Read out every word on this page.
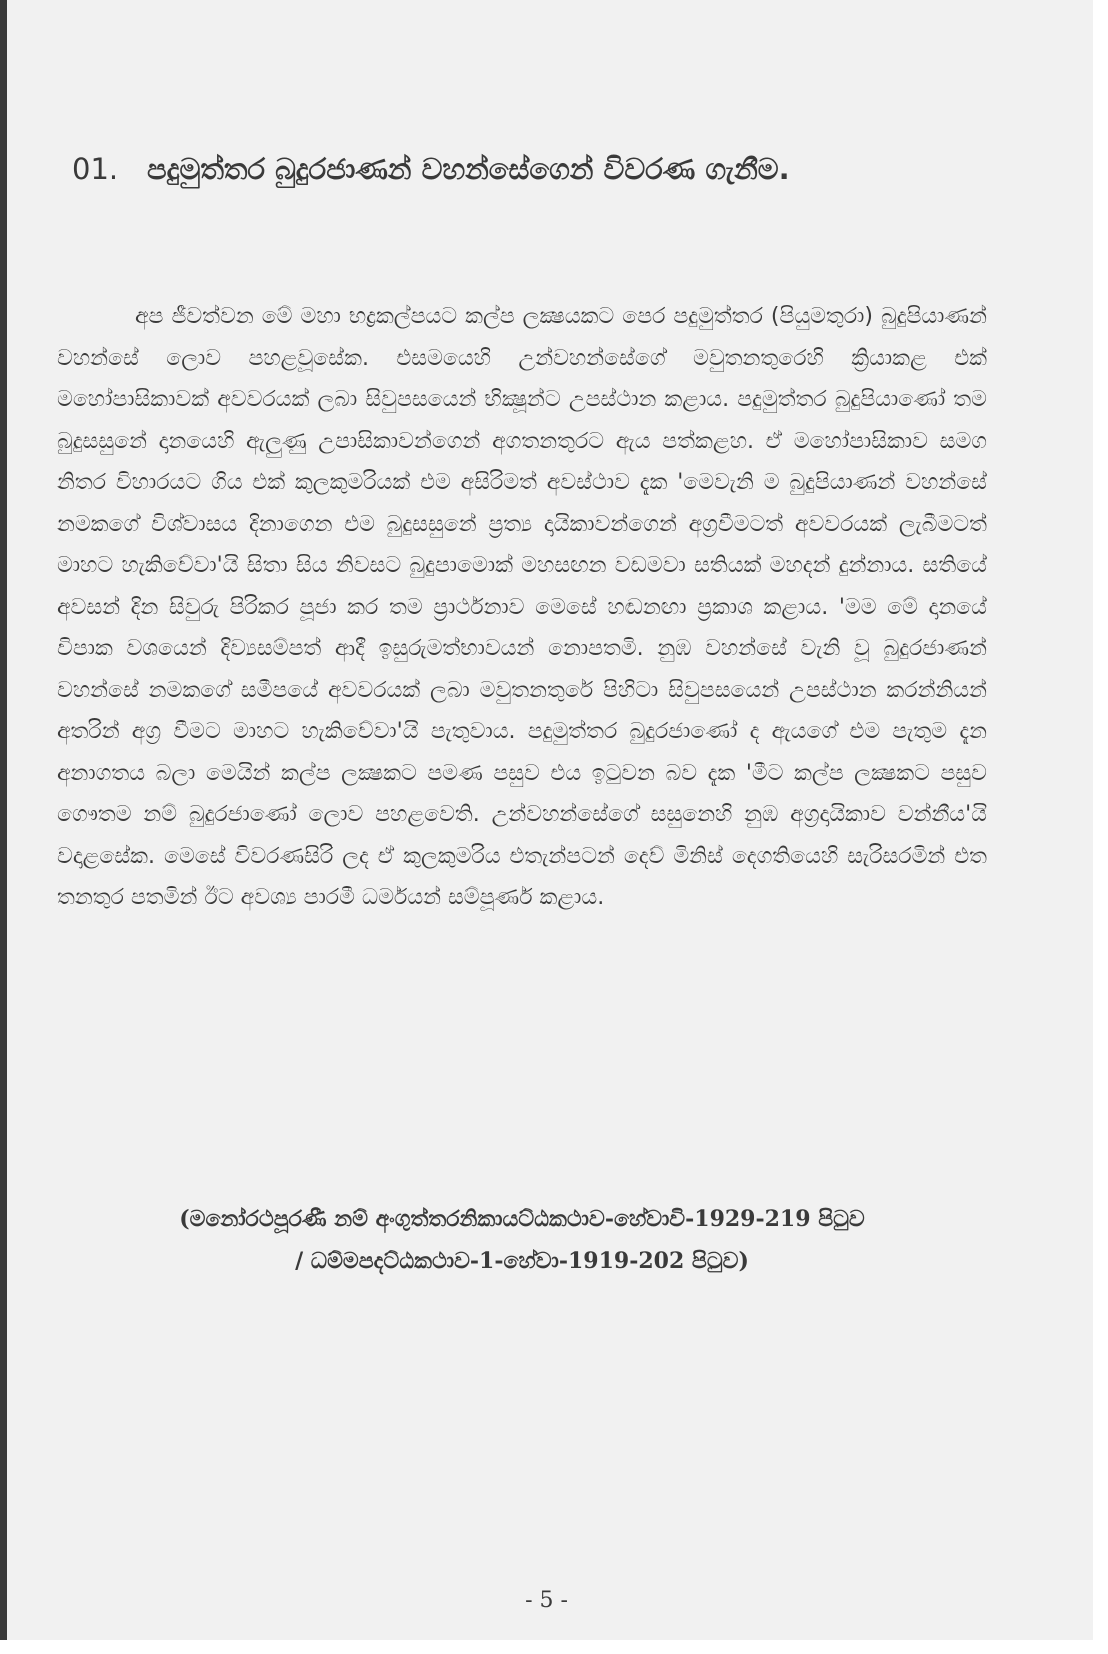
01. පදුමුත්තර බුදුරජාණන් වහන්සේගෙන් විවරණ ගැනීම.

අප ජීවත්වන මේ මහා භද්‍රකල්පයට කල්ප ලක්‍ෂයකට පෙර පදුමුත්තර (පියුමතුරා) බුදුපියාණන් වහන්සේ ලොව පහළවූසේක. එසමයෙහි උන්වහන්සේගේ මවුතනතුරෙහි ක්‍රියාකළ එක් මහෝපාසිකාවක් අවවරයක් ලබා සිවුපසයෙන් භික්‍ෂූන්ට උපස්ථාන කළාය. පදුමුත්තර බුදුපියාණෝ තම බුදුසසුනේ දානයෙහි ඇලුණු උපාසිකාවන්ගෙන් අගතනතුරට ඇය පත්කළහ. ඒ මහෝපාසිකාව සමග නිතර විහාරයට ගිය එක් කුලකුමරියක් එම අසිරිමත් අවස්ථාව දැක 'මෙවැනි ම බුදුපියාණන් වහන්සේ නමකගේ විශ්වාසය දිනාගෙන එම බුදුසසුනේ ප්‍රත්‍ය දායිකාවන්ගෙන් අග්‍රවීමටත් අවවරයක් ලැබීමටත් මාහට හැකිවේවා'යි සිතා සිය නිවසට බුදුපාමොක් මහසඟන වඩමවා සතියක් මහදන් දුන්නාය. සතියේ අවසන් දින සිවුරු පිරිකර පූජා කර තම ප්‍රාර්ථනාව මෙසේ හඬනඟා ප්‍රකාශ කළාය. 'මම මේ දානයේ විපාක වශයෙන් දිව්‍යසම්පත් ආදී ඉසුරුමත්භාවයන් නොපතමි. නුඹ වහන්සේ වැනි වූ බුදුරජාණන් වහන්සේ නමකගේ සමීපයේ අවවරයක් ලබා මවුතනතුරේ පිහිටා සිවුපසයෙන් උපස්ථාන කරන්නියන් අතරින් අග්‍ර වීමට මාහට හැකිවේවා'යි පැතුවාය. පදුමුත්තර බුදුරජාණෝ ද ඇයගේ එම පැතුම දැන අනාගතය බලා මෙයින් කල්ප ලක්‍ෂකට පමණ පසුව එය ඉටුවන බව දැක 'මීට කල්ප ලක්‍ෂකට පසුව ගෞතම නම් බුදුරජාණෝ ලොව පහළවෙති. උන්වහන්සේගේ සසුනෙහි නුඹ අග්‍රදායිකාව වන්නීය'යි වදාළසේක. මෙසේ විවරණසිරි ලද ඒ කුලකුමරිය එතැන්පටන් දෙව් මිනිස් දෙගතියෙහි සැරිසරමින් එත තනතුර පතමින් ඊට අවශ්‍ය පාරමී ධර්මයන් සම්පූර්ණ කළාය.

(මනෝරථපූරණී නම් අංගුත්තරනිකායට්ඨකථාව-හේවාවි-1929-219 පිටුව
/ ධම්මපදට්ඨකථාව-1-හේවා-1919-202 පිටුව)
- 5 -
